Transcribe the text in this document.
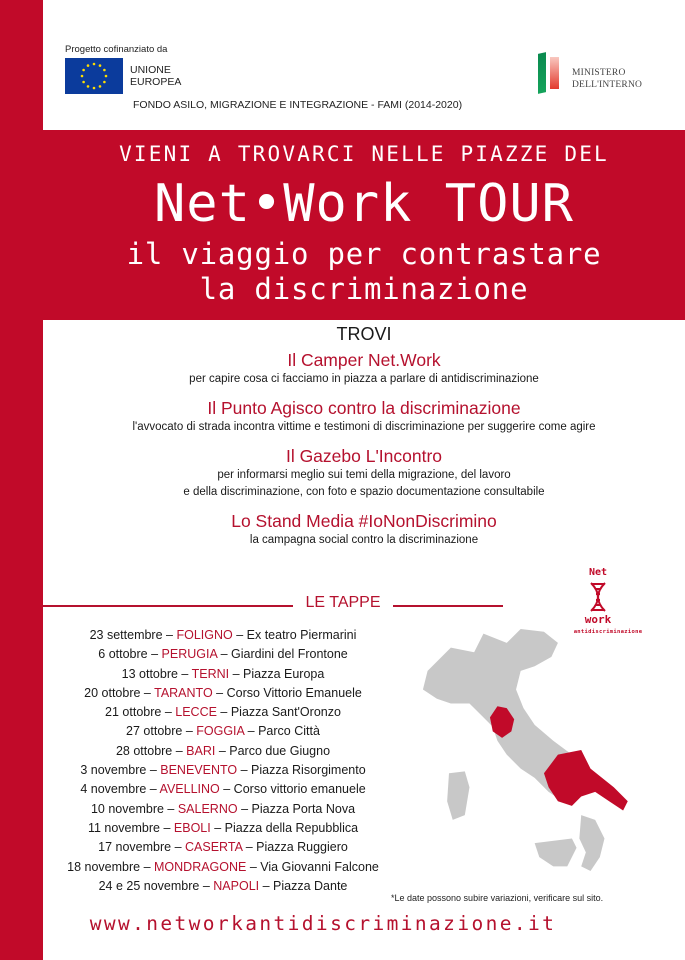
Progetto cofinanziato da
UNIONE
EUROPEA
FONDO ASILO, MIGRAZIONE E INTEGRAZIONE - FAMI (2014-2020)
MINISTERO
DELL'INTERNO
VIENI A TROVARCI NELLE PIAZZE DEL
Net•Work TOUR
il viaggio per contrastare
la discriminazione
TROVI
Il Camper Net.Work
per capire cosa ci facciamo in piazza a parlare di antidiscriminazione
Il Punto Agisco contro la discriminazione
l'avvocato di strada incontra vittime e testimoni di discriminazione per suggerire come agire
Il Gazebo L'Incontro
per informarsi meglio sui temi della migrazione, del lavoro
e della discriminazione, con foto e spazio documentazione consultabile
Lo Stand Media #IoNonDiscrimino
la campagna social contro la discriminazione
LE TAPPE
Net
work
antidiscriminazione
23 settembre – FOLIGNO – Ex teatro Piermarini
6 ottobre – PERUGIA – Giardini del Frontone
13 ottobre – TERNI – Piazza Europa
20 ottobre – TARANTO – Corso Vittorio Emanuele
21 ottobre – LECCE – Piazza Sant'Oronzo
27 ottobre – FOGGIA – Parco Città
28 ottobre – BARI – Parco due Giugno
3 novembre – BENEVENTO – Piazza Risorgimento
4 novembre – AVELLINO – Corso vittorio emanuele
10 novembre – SALERNO – Piazza Porta Nova
11 novembre – EBOLI – Piazza della Repubblica
17 novembre – CASERTA – Piazza Ruggiero
18 novembre – MONDRAGONE – Via Giovanni Falcone
24 e 25 novembre – NAPOLI – Piazza Dante
*Le date possono subire variazioni, verificare sul sito.
www.networkantidiscriminazione.it
